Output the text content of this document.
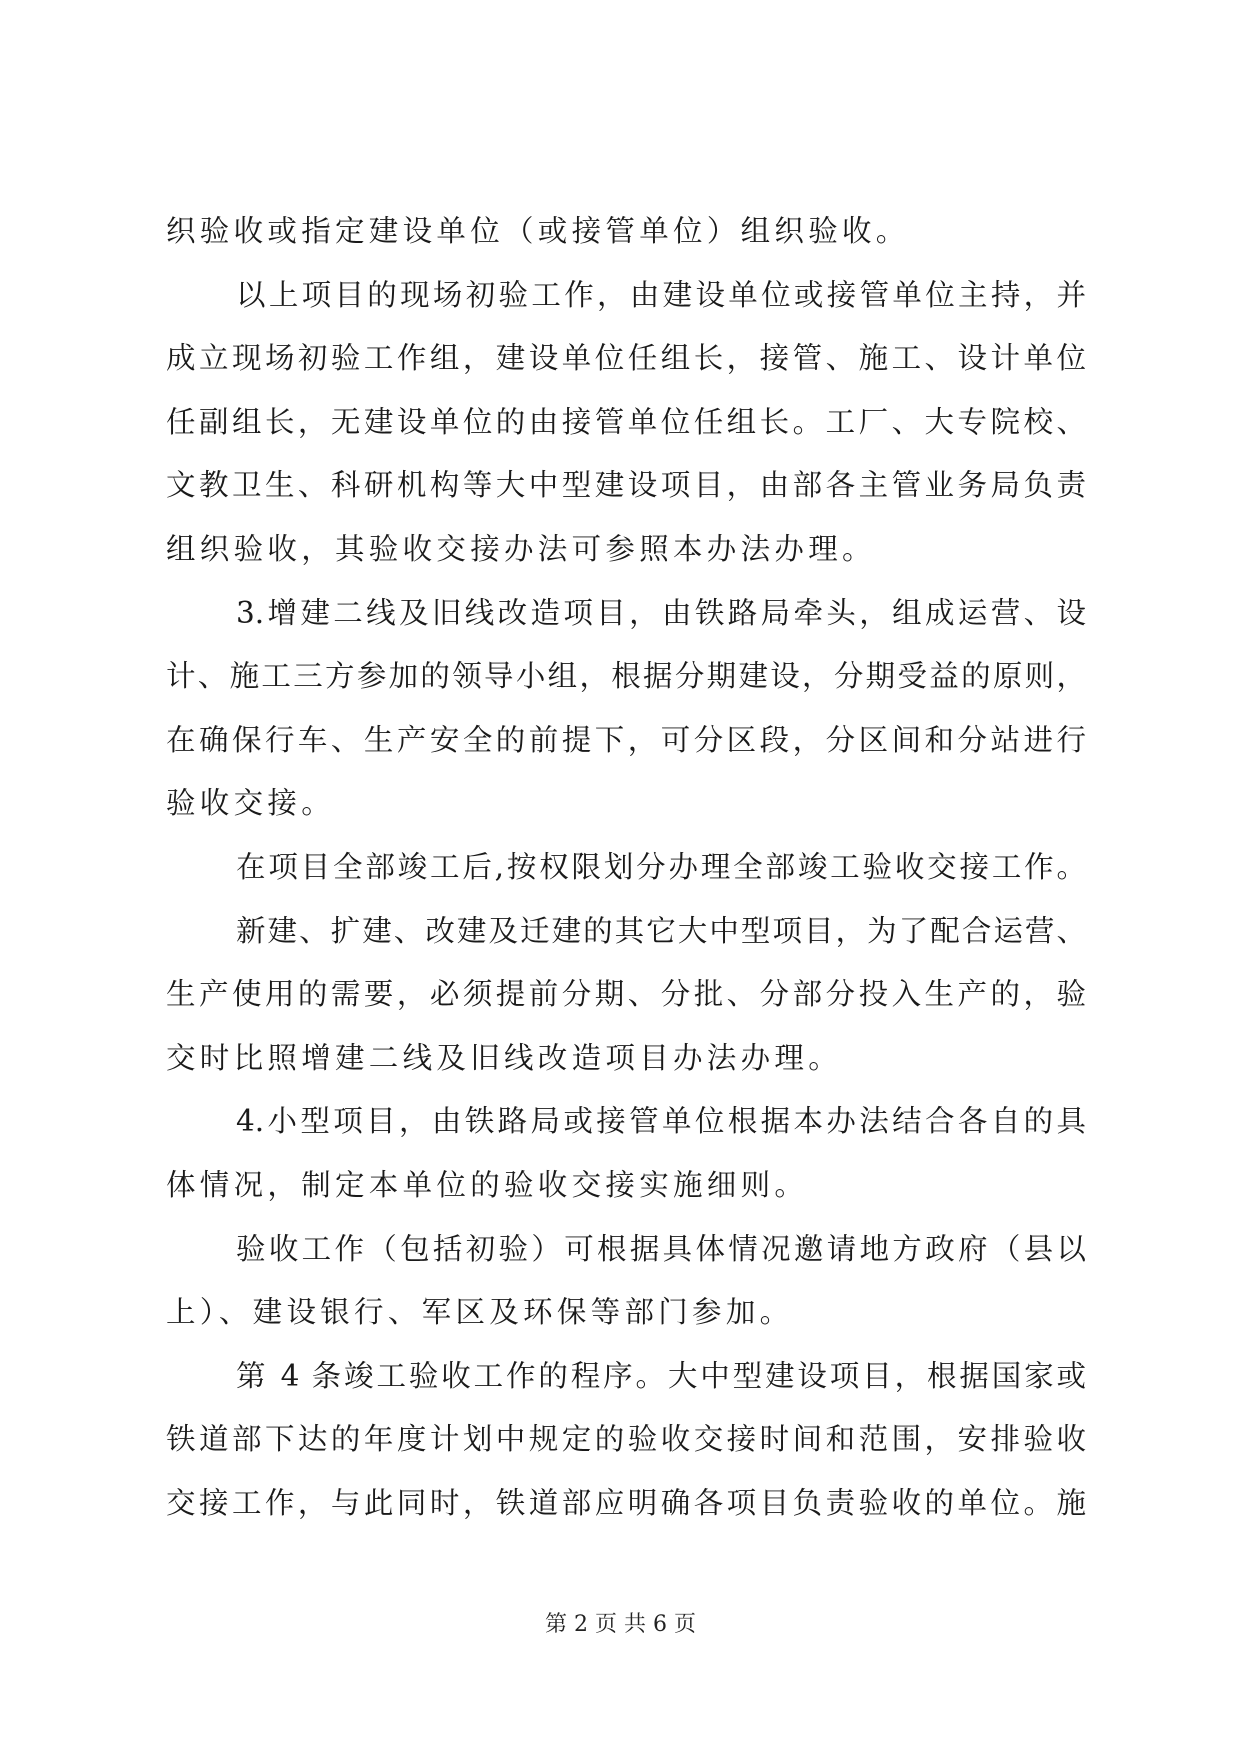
织验收或指定建设单位（或接管单位）组织验收。
以上项目的现场初验工作，由建设单位或接管单位主持，并
成立现场初验工作组，建设单位任组长，接管、施工、设计单位
任副组长，无建设单位的由接管单位任组长。工厂、大专院校、
文教卫生、科研机构等大中型建设项目，由部各主管业务局负责
组织验收，其验收交接办法可参照本办法办理。
3.增建二线及旧线改造项目，由铁路局牵头，组成运营、设
计、施工三方参加的领导小组，根据分期建设，分期受益的原则，
在确保行车、生产安全的前提下，可分区段，分区间和分站进行
验收交接。
在项目全部竣工后,按权限划分办理全部竣工验收交接工作。
新建、扩建、改建及迁建的其它大中型项目，为了配合运营、
生产使用的需要，必须提前分期、分批、分部分投入生产的，验
交时比照增建二线及旧线改造项目办法办理。
4.小型项目，由铁路局或接管单位根据本办法结合各自的具
体情况，制定本单位的验收交接实施细则。
验收工作（包括初验）可根据具体情况邀请地方政府（县以
上）、建设银行、军区及环保等部门参加。
第 4 条竣工验收工作的程序。大中型建设项目，根据国家或
铁道部下达的年度计划中规定的验收交接时间和范围，安排验收
交接工作，与此同时，铁道部应明确各项目负责验收的单位。施
第 2 页 共 6 页
